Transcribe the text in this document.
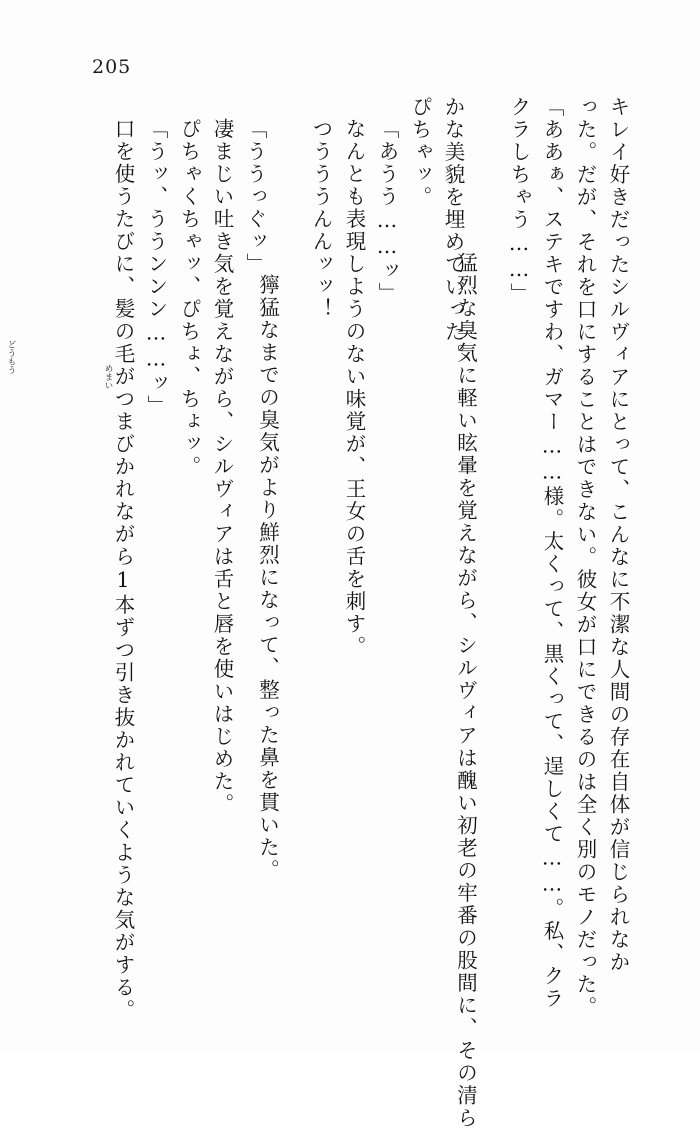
205
キレイ好きだったシルヴィアにとって、こんなに不潔な人間の存在自体が信じられなか
った。だが、それを口にすることはできない。彼女が口にできるのは全く別のモノだった。
「ああぁ、ステキですわ、ガマー……様。太くって、黒くって、逞しくて……。私、クラ
クラしちゃう……」

猛烈な臭気に軽い眩暈を覚えながら、シルヴィアは醜い初老の牢番の股間に、その清ら

めまい

かな美貌を埋めていった。
ぴちゃッ。
「あうう……ッ」
なんとも表現しようのない味覚が、王女の舌を刺す。
つうううんんッッ！

獰猛なまでの臭気がより鮮烈になって、整った鼻を貫いた。

どうもう

「ううっぐッ」
凄まじい吐き気を覚えながら、シルヴィアは舌と唇を使いはじめた。
ぴちゃくちゃッ、ぴちょ、ちょッ。
「うッ、ううンンン……ッ」
口を使うたびに、髪の毛がつまびかれながら1本ずつ引き抜かれていくような気がする。
